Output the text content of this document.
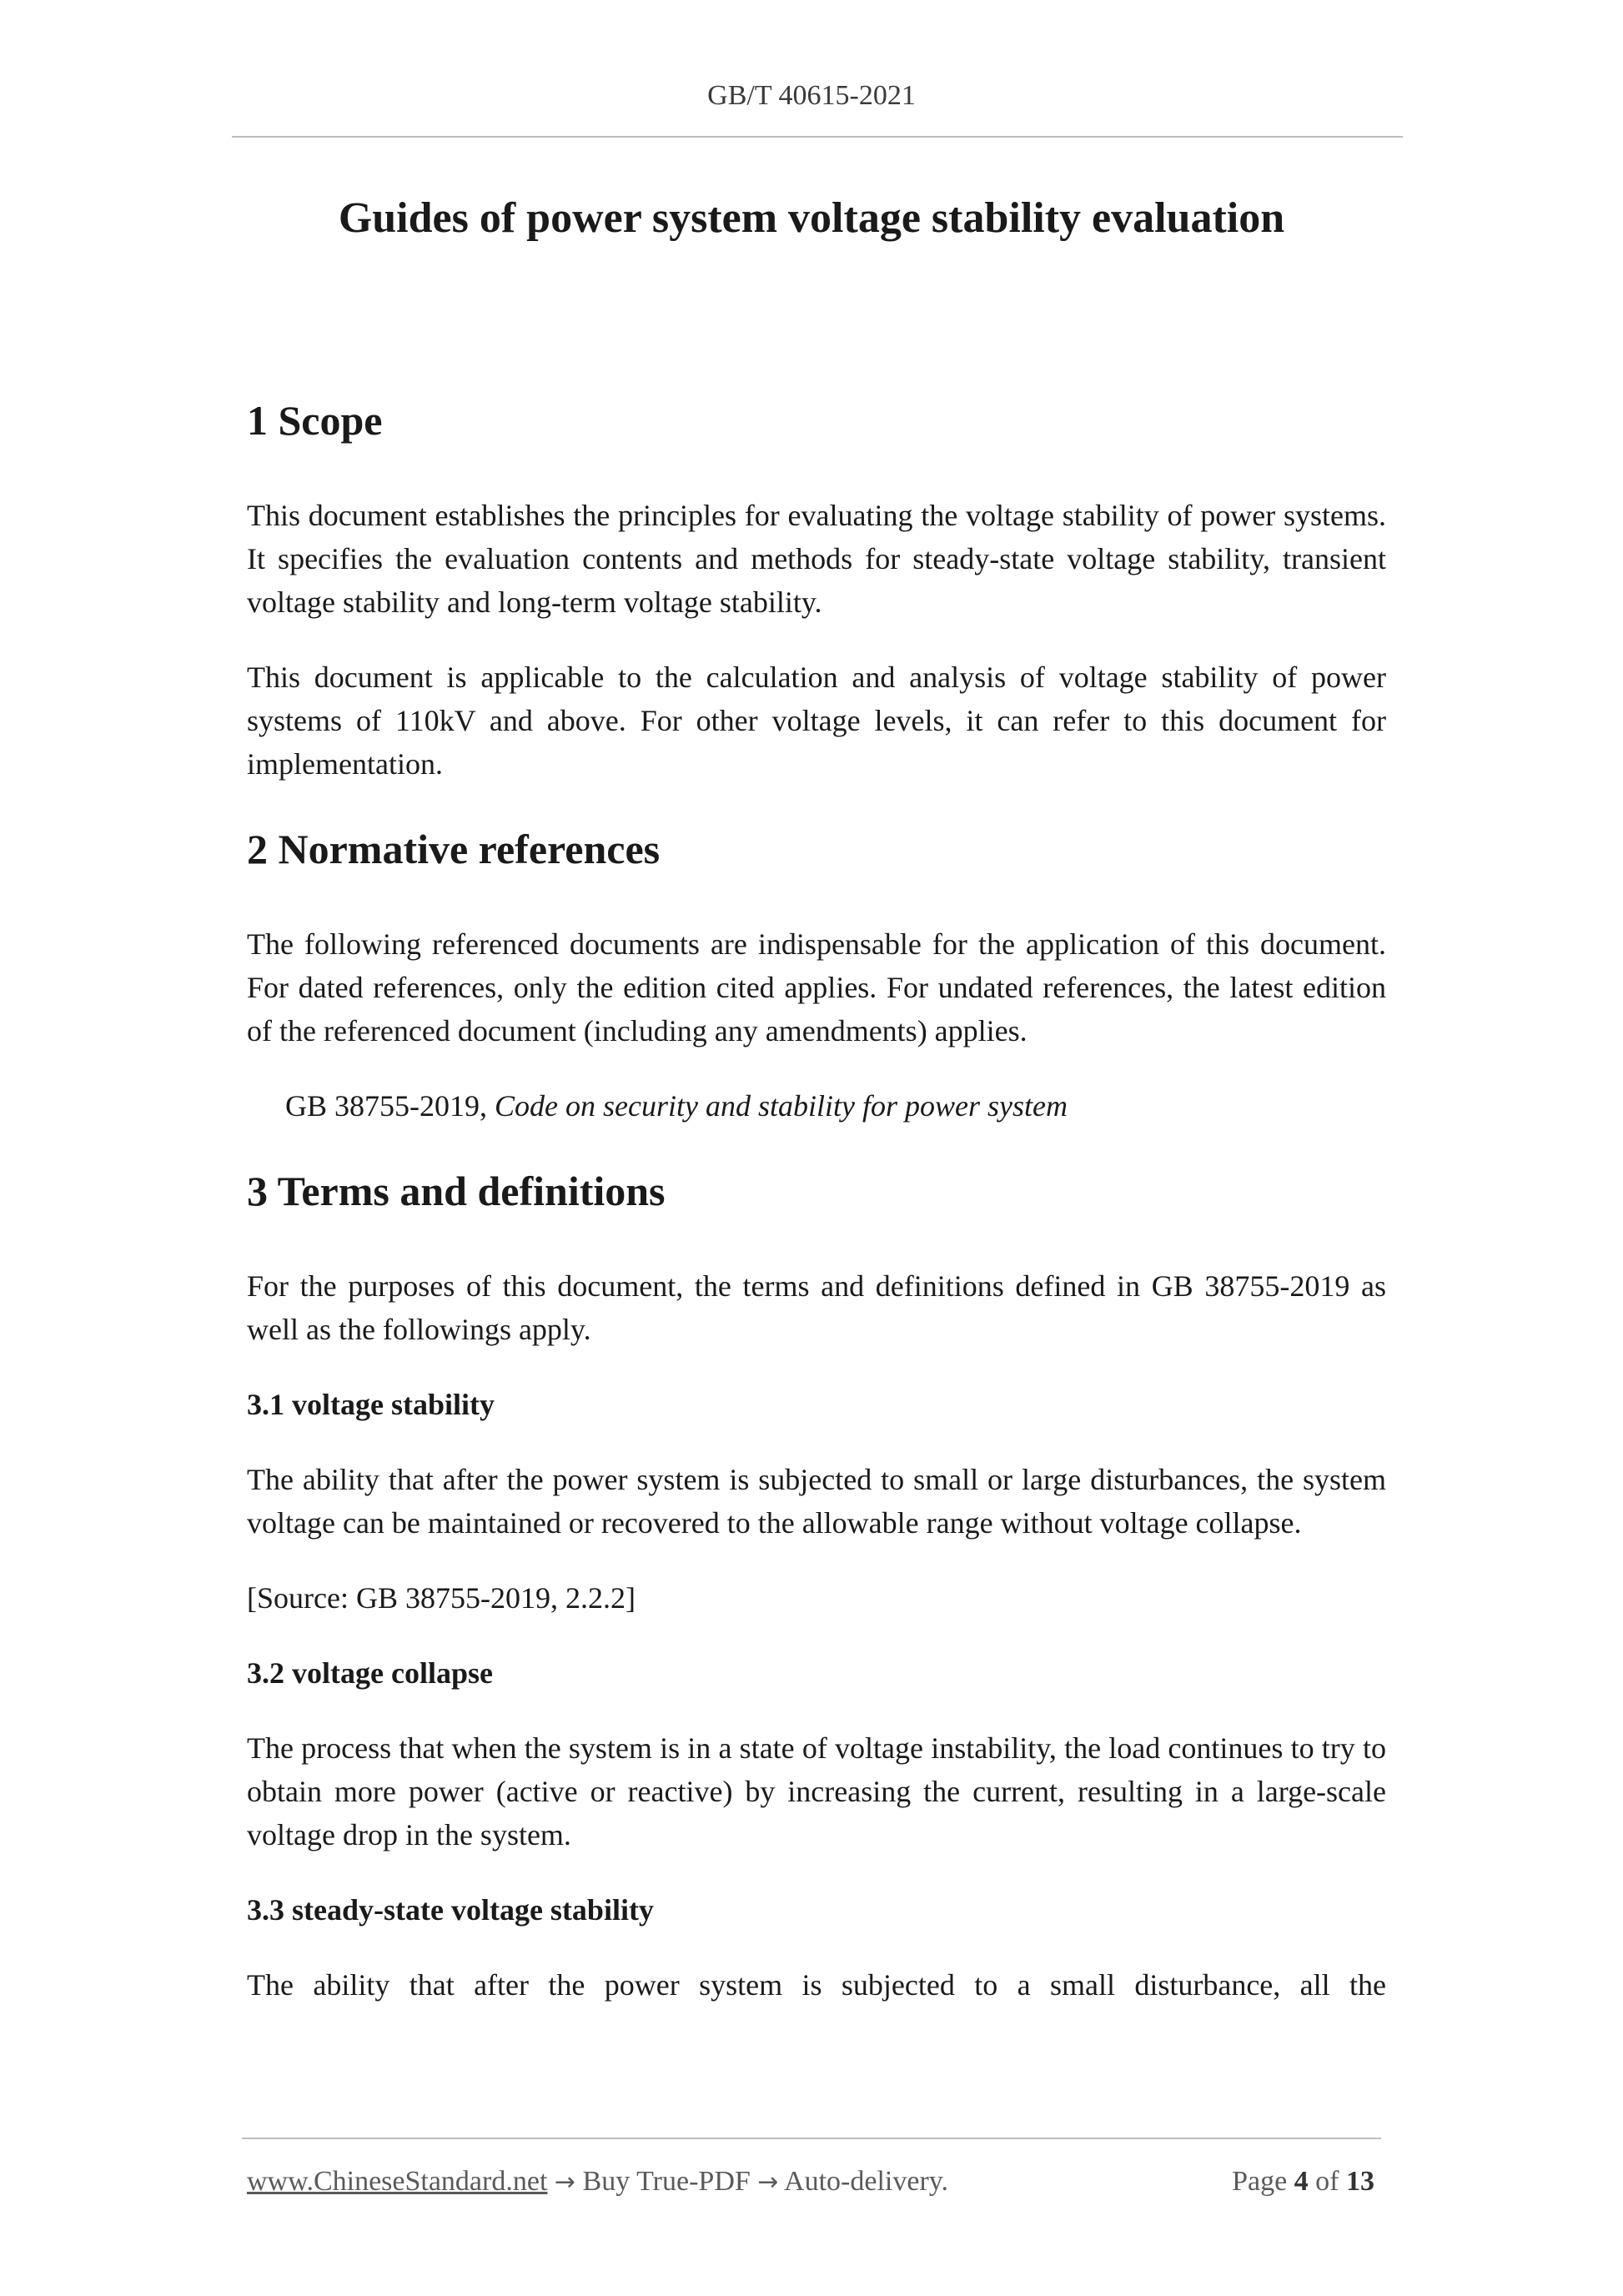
GB/T 40615-2021
Guides of power system voltage stability evaluation
1 Scope

This document establishes the principles for evaluating the voltage stability of power systems. It specifies the evaluation contents and methods for steady-state voltage stability, transient voltage stability and long-term voltage stability.

This document is applicable to the calculation and analysis of voltage stability of power systems of 110kV and above. For other voltage levels, it can refer to this document for implementation.

2 Normative references

The following referenced documents are indispensable for the application of this document. For dated references, only the edition cited applies. For undated references, the latest edition of the referenced document (including any amendments) applies.

GB 38755-2019, Code on security and stability for power system

3 Terms and definitions

For the purposes of this document, the terms and definitions defined in GB 38755-2019 as well as the followings apply.

3.1 voltage stability

The ability that after the power system is subjected to small or large disturbances, the system voltage can be maintained or recovered to the allowable range without voltage collapse.

[Source: GB 38755-2019, 2.2.2]

3.2 voltage collapse

The process that when the system is in a state of voltage instability, the load continues to try to obtain more power (active or reactive) by increasing the current, resulting in a large-scale voltage drop in the system.

3.3 steady-state voltage stability

The ability that after the power system is subjected to a small disturbance, all the

www.ChineseStandard.net → Buy True-PDF → Auto-delivery.	Page 4 of 13
